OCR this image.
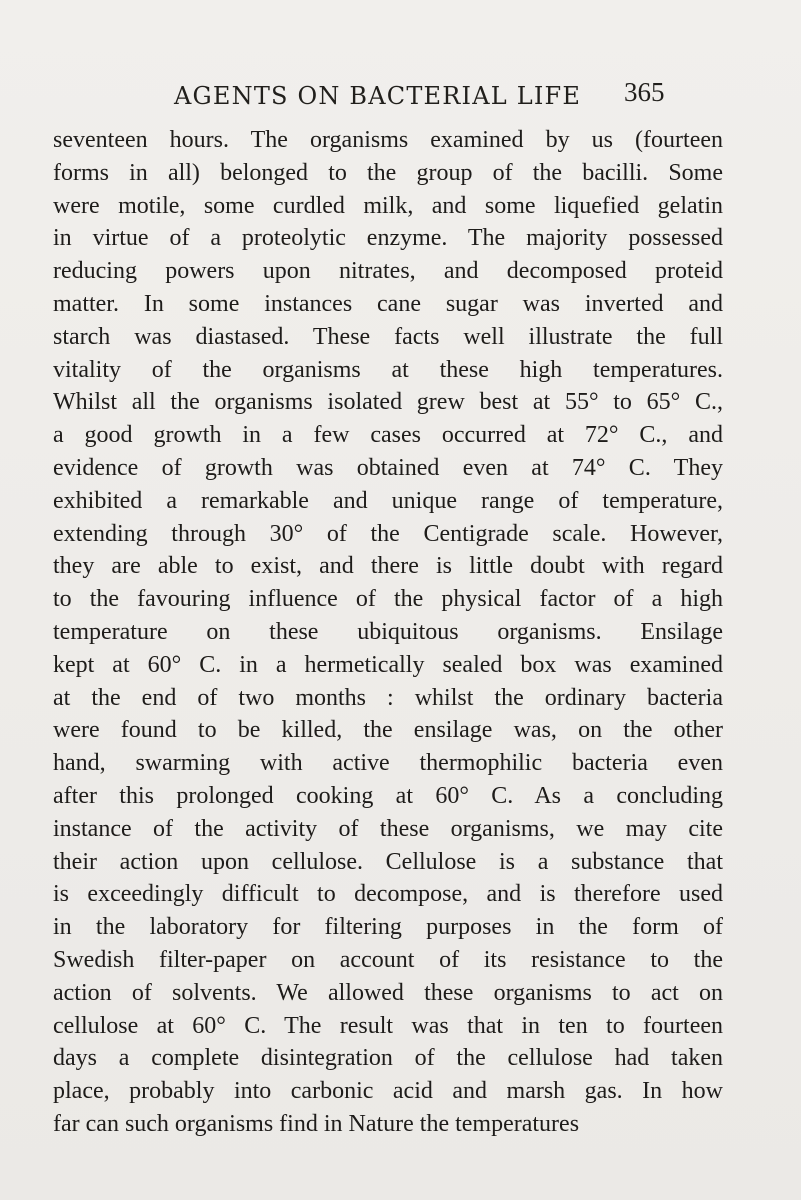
AGENTS ON BACTERIAL LIFE 365
seventeen hours. The organisms examined by us (fourteen
forms in all) belonged to the group of the bacilli. Some
were motile, some curdled milk, and some liquefied gelatin
in virtue of a proteolytic enzyme. The majority possessed
reducing powers upon nitrates, and decomposed proteid
matter. In some instances cane sugar was inverted and
starch was diastased. These facts well illustrate the full
vitality of the organisms at these high temperatures.
Whilst all the organisms isolated grew best at 55° to 65° C.,
a good growth in a few cases occurred at 72° C., and
evidence of growth was obtained even at 74° C. They
exhibited a remarkable and unique range of temperature,
extending through 30° of the Centigrade scale. However,
they are able to exist, and there is little doubt with regard
to the favouring influence of the physical factor of a high
temperature on these ubiquitous organisms. Ensilage
kept at 60° C. in a hermetically sealed box was examined
at the end of two months : whilst the ordinary bacteria
were found to be killed, the ensilage was, on the other
hand, swarming with active thermophilic bacteria even
after this prolonged cooking at 60° C. As a concluding
instance of the activity of these organisms, we may cite
their action upon cellulose. Cellulose is a substance that
is exceedingly difficult to decompose, and is therefore used
in the laboratory for filtering purposes in the form of
Swedish filter-paper on account of its resistance to the
action of solvents. We allowed these organisms to act on
cellulose at 60° C. The result was that in ten to fourteen
days a complete disintegration of the cellulose had taken
place, probably into carbonic acid and marsh gas. In how
far can such organisms find in Nature the temperatures
